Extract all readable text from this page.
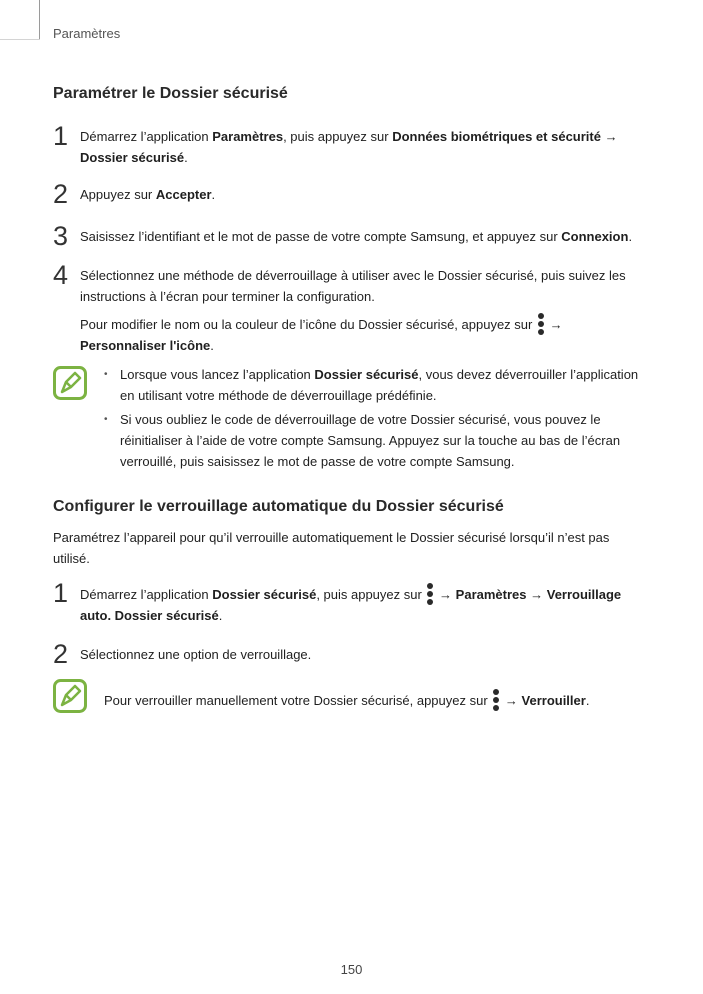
Paramètres
Paramétrer le Dossier sécurisé
1 Démarrez l’application Paramètres, puis appuyez sur Données biométriques et sécurité → Dossier sécurisé.
2 Appuyez sur Accepter.
3 Saisissez l’identifiant et le mot de passe de votre compte Samsung, et appuyez sur Connexion.
4 Sélectionnez une méthode de déverrouillage à utiliser avec le Dossier sécurisé, puis suivez les instructions à l’écran pour terminer la configuration.
Pour modifier le nom ou la couleur de l’icône du Dossier sécurisé, appuyez sur
→ Personnaliser l'icône.
• Lorsque vous lancez l’application Dossier sécurisé, vous devez déverrouiller l’application en utilisant votre méthode de déverrouillage prédéfinie.
• Si vous oubliez le code de déverrouillage de votre Dossier sécurisé, vous pouvez le réinitialiser à l’aide de votre compte Samsung. Appuyez sur la touche au bas de l’écran verrouillé, puis saisissez le mot de passe de votre compte Samsung.
Configurer le verrouillage automatique du Dossier sécurisé
Paramétrez l’appareil pour qu’il verrouille automatiquement le Dossier sécurisé lorsqu’il n’est pas utilisé.
1 Démarrez l’application Dossier sécurisé, puis appuyez sur
→ Paramètres → Verrouillage auto. Dossier sécurisé.
2 Sélectionnez une option de verrouillage.
Pour verrouiller manuellement votre Dossier sécurisé, appuyez sur
→ Verrouiller.
150
